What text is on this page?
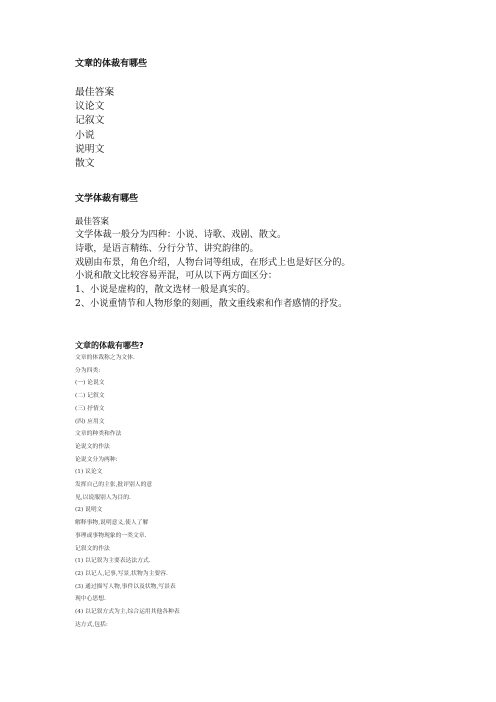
文章的体裁有哪些
最佳答案
议论文
记叙文
小说
说明文
散文
文学体裁有哪些
最佳答案
文学体裁一般分为四种：小说、诗歌、戏剧、散文。
诗歌，是语言精练、分行分节、讲究韵律的。
戏剧由布景，角色介绍，人物台词等组成，在形式上也是好区分的。
小说和散文比较容易弄混，可从以下两方面区分：
1、小说是虚构的，散文选材一般是真实的。
2、小说重情节和人物形象的刻画，散文重线索和作者感情的抒发。
文章的体裁有哪些?
文章的体裁称之为文体.
分为四类:
(一) 论说文
(二) 记叙文
(三) 抒情文
(四) 应用文
文章的种类和作法
论说文的作法
论说文分为两种:
(1) 议论文
发挥自己的主张,批评别人的意
见,以说服别人为目的.
(2) 说明文
解释事物,说明意义,使人了解
事理或事物现象的一类文章.
记叙文的作法
(1) 以记叙为主要表达法方式.
(2) 以记人,记事,写景,状物为主要容.
(3) 通过描写人物,事件以及状物,写景表
现中心思想.
(4) 以记叙方式为主,综合运用其他各种表
达方式,包括:
